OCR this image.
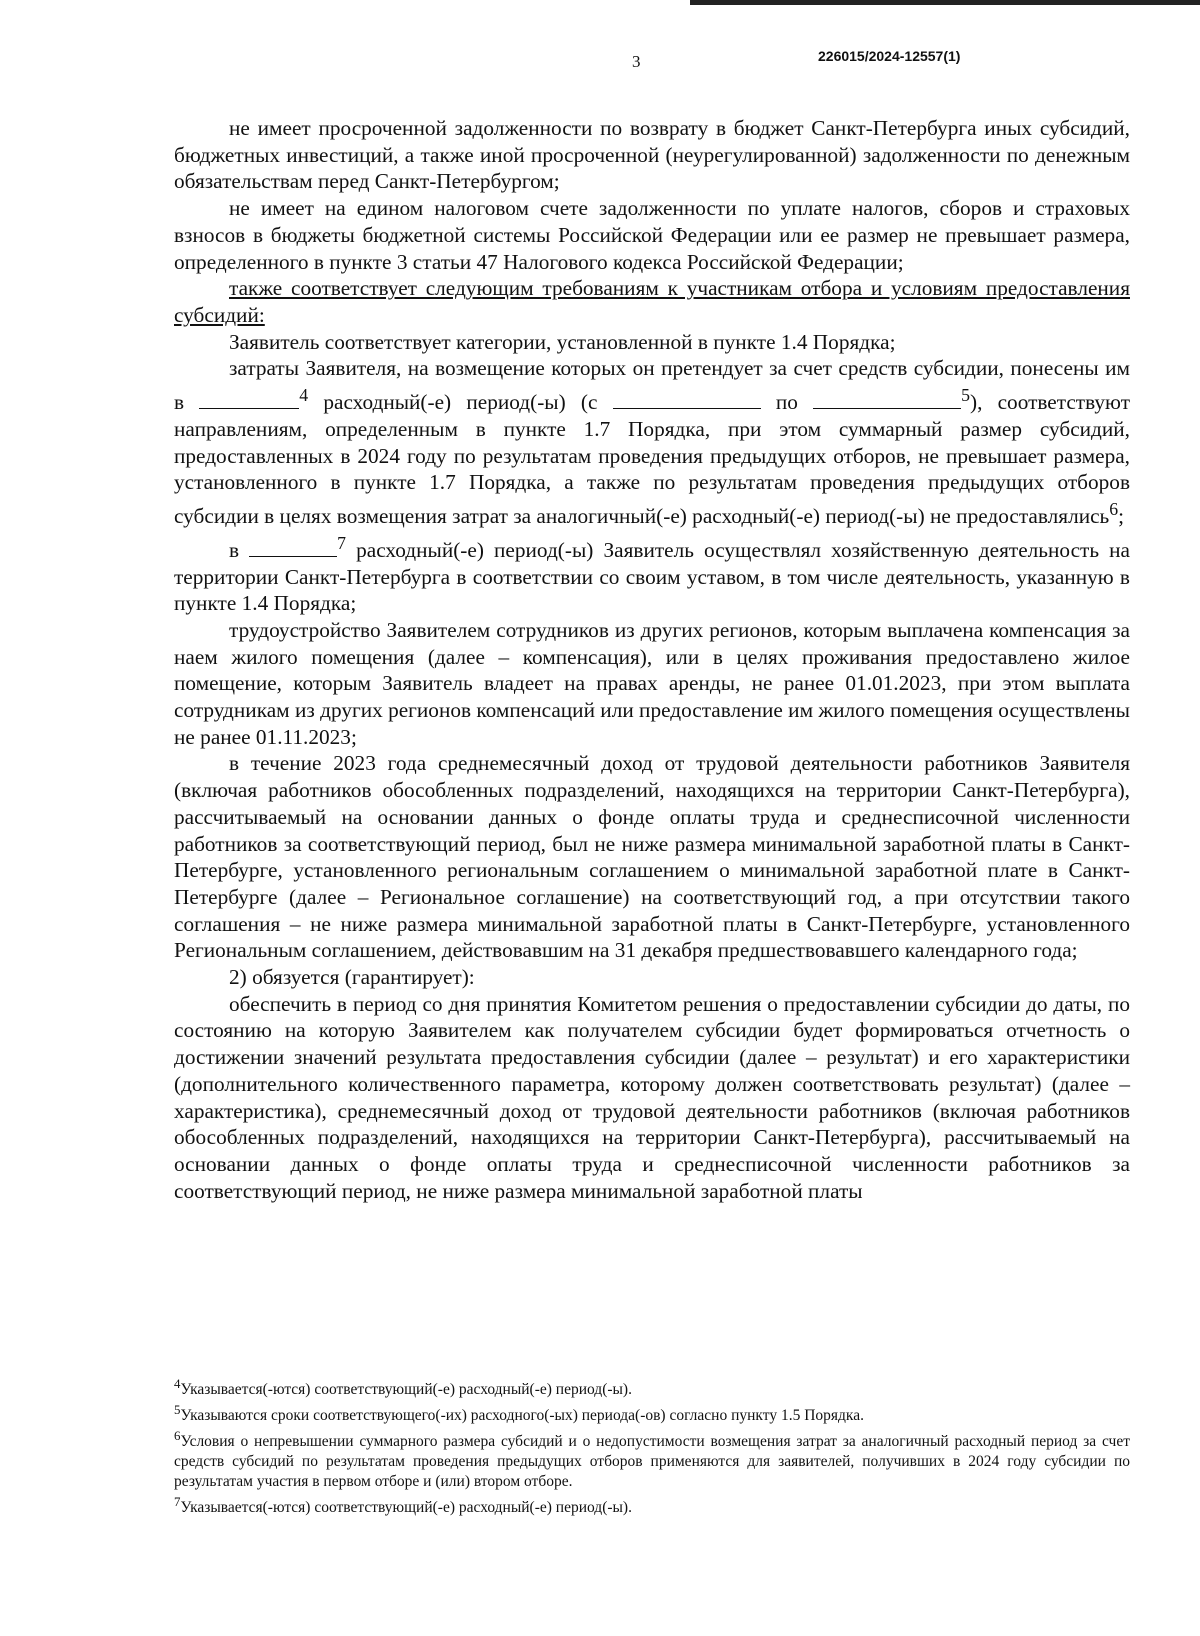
3	226015/2024-12557(1)

не имеет просроченной задолженности по возврату в бюджет Санкт-Петербурга иных субсидий, бюджетных инвестиций, а также иной просроченной (неурегулированной) задолженности по денежным обязательствам перед Санкт-Петербургом;

не имеет на едином налоговом счете задолженности по уплате налогов, сборов и страховых взносов в бюджеты бюджетной системы Российской Федерации или ее размер не превышает размера, определенного в пункте 3 статьи 47 Налогового кодекса Российской Федерации;

также соответствует следующим требованиям к участникам отбора и условиям предоставления субсидий:

Заявитель соответствует категории, установленной в пункте 1.4 Порядка;

затраты Заявителя, на возмещение которых он претендует за счет средств субсидии, понесены им в	$^4$ расходный(-е) период(-ы) (с	по	$^5$), соответствуют направлениям, определенным в пункте 1.7 Порядка, при этом суммарный размер субсидий, предоставленных в 2024 году по результатам проведения предыдущих отборов, не превышает размера, установленного в пункте 1.7 Порядка, а также по результатам проведения предыдущих отборов субсидии в целях возмещения затрат за аналогичный(-е) расходный(-е) период(-ы) не предоставлялись$^6$;

в	$^7$ расходный(-е) период(-ы) Заявитель осуществлял хозяйственную деятельность на территории Санкт-Петербурга в соответствии со своим уставом, в том числе деятельность, указанную в пункте 1.4 Порядка;

трудоустройство Заявителем сотрудников из других регионов, которым выплачена компенсация за наем жилого помещения (далее – компенсация), или в целях проживания предоставлено жилое помещение, которым Заявитель владеет на правах аренды, не ранее 01.01.2023, при этом выплата сотрудникам из других регионов компенсаций или предоставление им жилого помещения осуществлены не ранее 01.11.2023;

в течение 2023 года среднемесячный доход от трудовой деятельности работников Заявителя (включая работников обособленных подразделений, находящихся на территории Санкт-Петербурга), рассчитываемый на основании данных о фонде оплаты труда и среднесписочной численности работников за соответствующий период, был не ниже размера минимальной заработной платы в Санкт-Петербурге, установленного региональным соглашением о минимальной заработной плате в Санкт-Петербурге (далее – Региональное соглашение) на соответствующий год, а при отсутствии такого соглашения – не ниже размера минимальной заработной платы в Санкт-Петербурге, установленного Региональным соглашением, действовавшим на 31 декабря предшествовавшего календарного года;

2) обязуется (гарантирует):

обеспечить в период со дня принятия Комитетом решения о предоставлении субсидии до даты, по состоянию на которую Заявителем как получателем субсидии будет формироваться отчетность о достижении значений результата предоставления субсидии (далее – результат) и его характеристики (дополнительного количественного параметра, которому должен соответствовать результат) (далее – характеристика), среднемесячный доход от трудовой деятельности работников (включая работников обособленных подразделений, находящихся на территории Санкт-Петербурга), рассчитываемый на основании данных о фонде оплаты труда и среднесписочной численности работников за соответствующий период, не ниже размера минимальной заработной платы

$^4$Указывается(-ются) соответствующий(-е) расходный(-е) период(-ы).

$^5$Указываются сроки соответствующего(-их) расходного(-ых) периода(-ов) согласно пункту 1.5 Порядка.

$^6$Условия о непревышении суммарного размера субсидий и о недопустимости возмещения затрат за аналогичный расходный период за счет средств субсидий по результатам проведения предыдущих отборов применяются для заявителей, получивших в 2024 году субсидии по результатам участия в первом отборе и (или) втором отборе.

$^7$Указывается(-ются) соответствующий(-е) расходный(-е) период(-ы).
